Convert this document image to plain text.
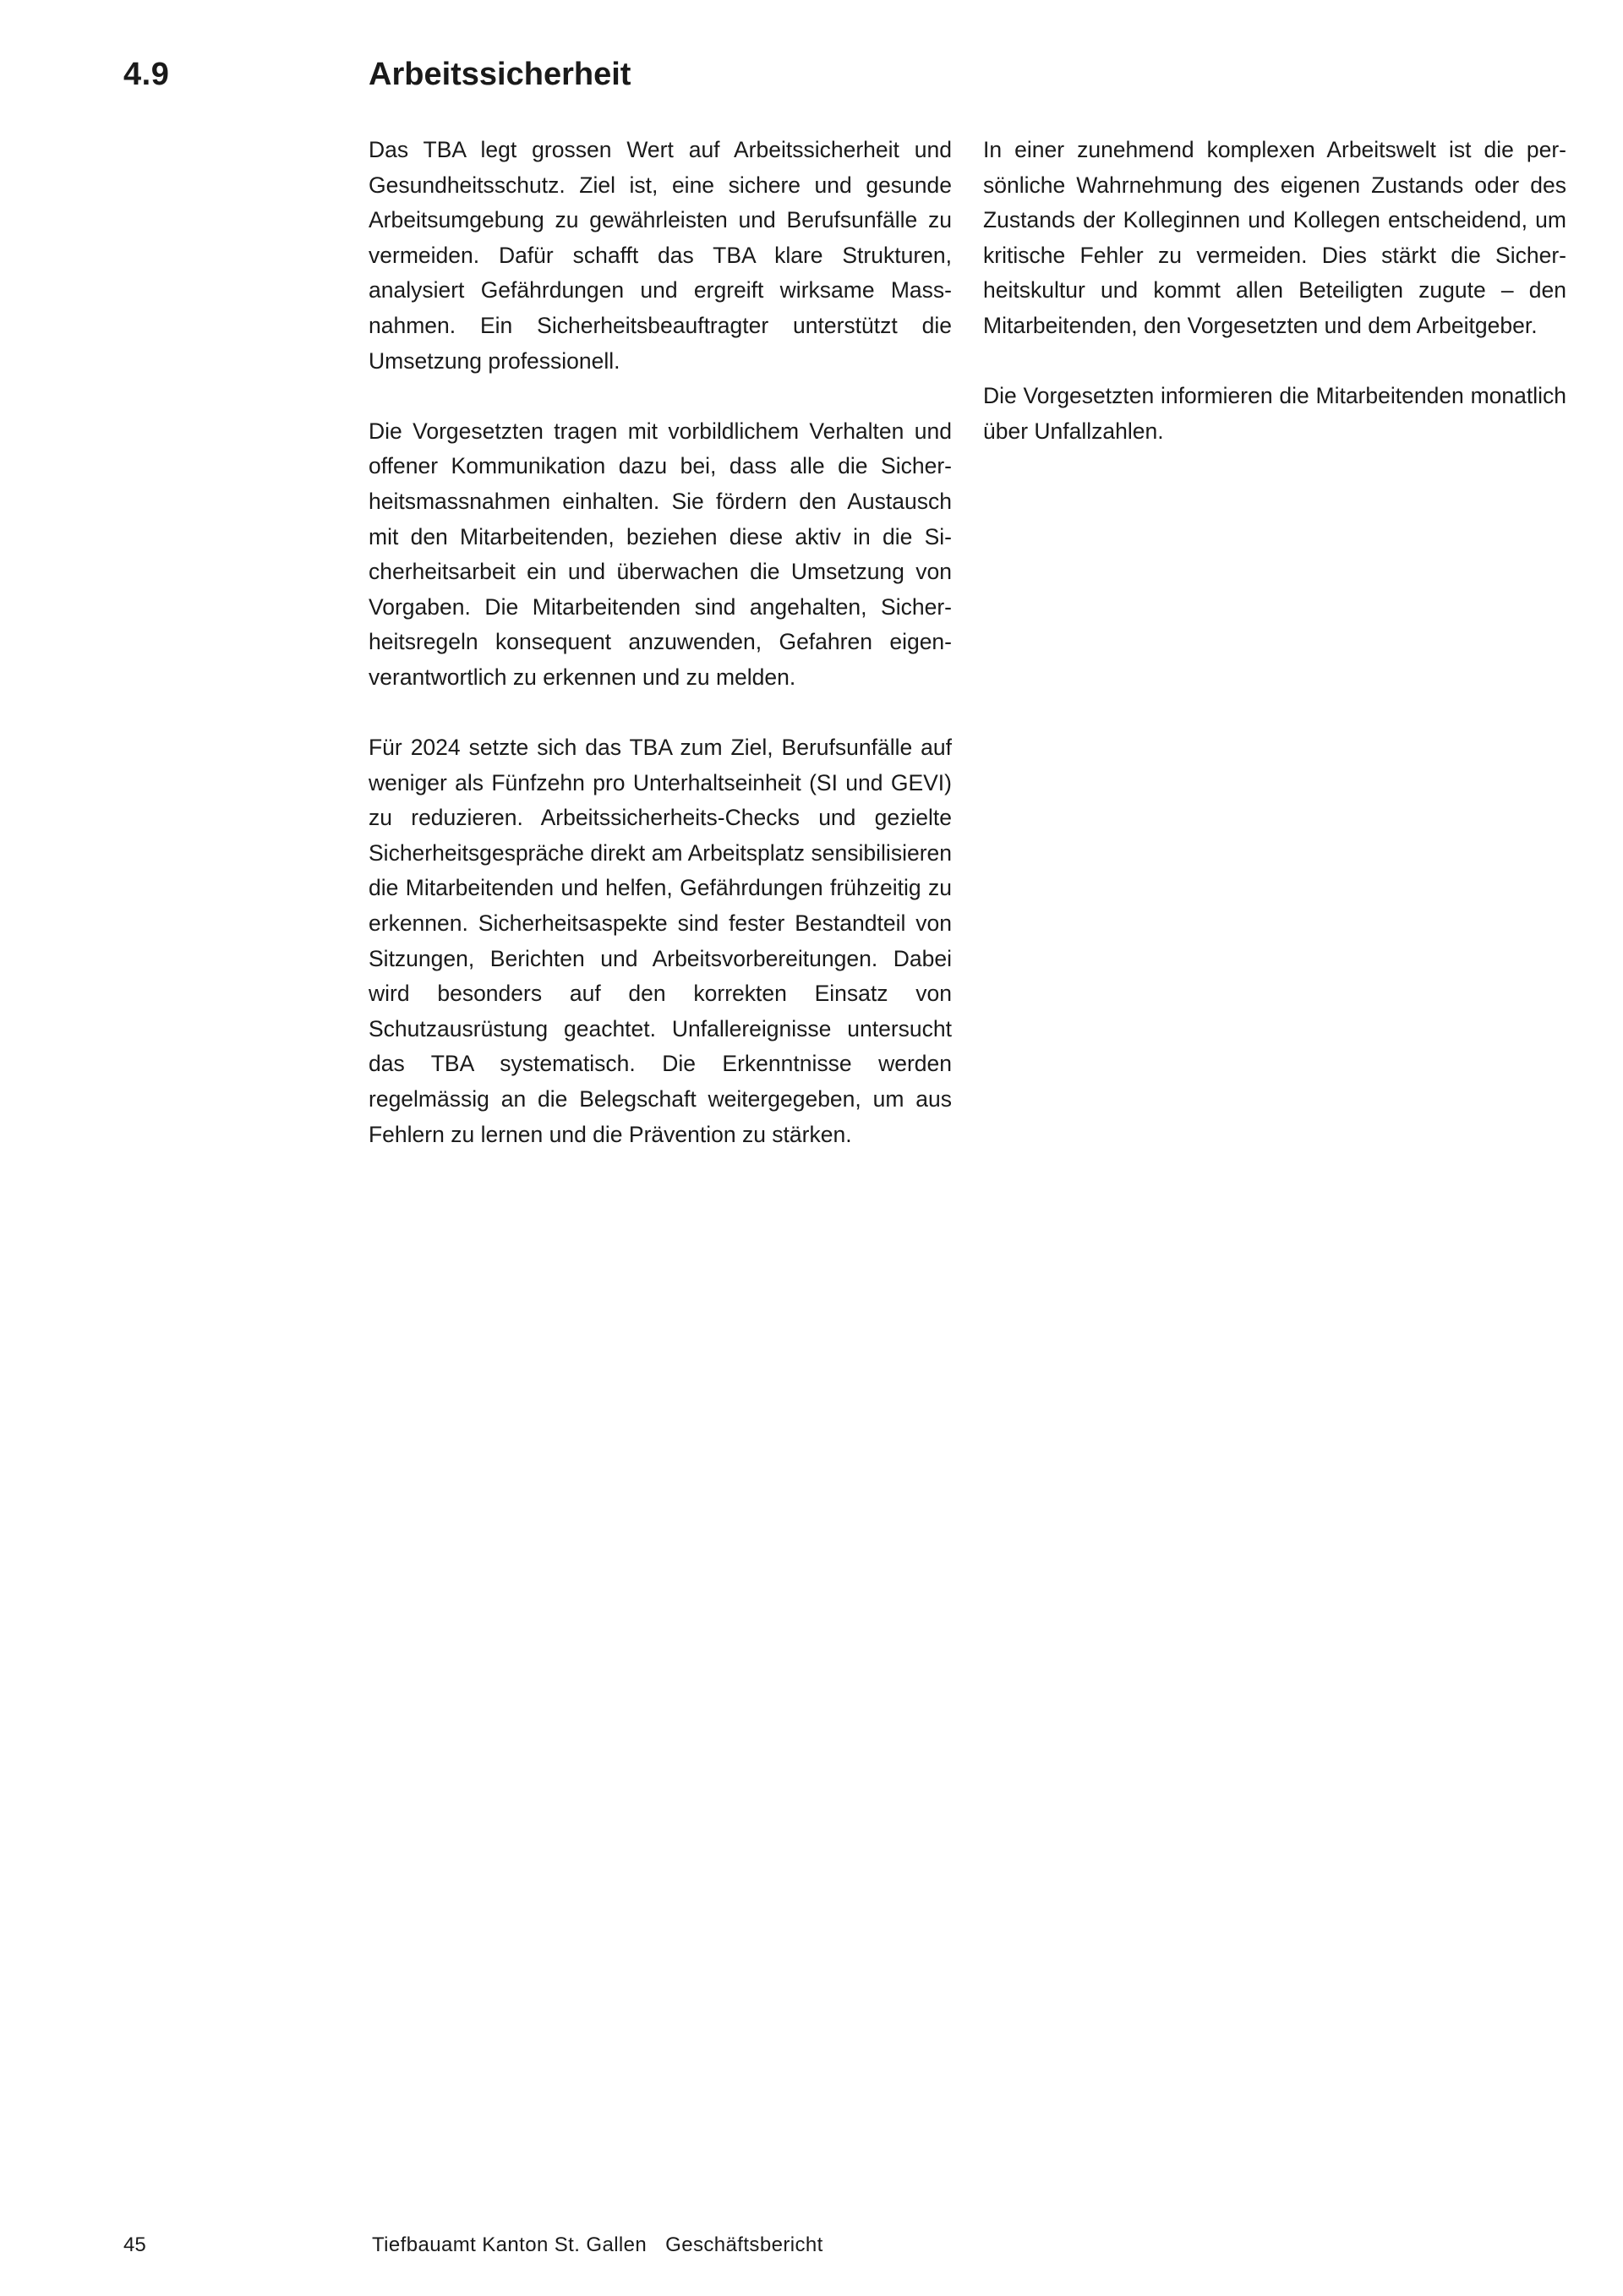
4.9	Arbeitssicherheit

Das TBA legt grossen Wert auf Arbeitssicherheit und Gesundheitsschutz. Ziel ist, eine sichere und gesunde Arbeitsumgebung zu gewährleisten und Berufsunfälle zu vermeiden. Dafür schafft das TBA klare Strukturen, analysiert Gefährdungen und ergreift wirksame Massnahmen. Ein Sicherheitsbeauftragter unterstützt die Umsetzung professionell.

Die Vorgesetzten tragen mit vorbildlichem Verhalten und offener Kommunikation dazu bei, dass alle die Sicherheitsmassnahmen einhalten. Sie fördern den Austausch mit den Mitarbeitenden, beziehen diese aktiv in die Sicherheitsarbeit ein und überwachen die Umsetzung von Vorgaben. Die Mitarbeitenden sind angehalten, Sicherheitsregeln konsequent anzuwenden, Gefahren eigenverantwortlich zu erkennen und zu melden.

Für 2024 setzte sich das TBA zum Ziel, Berufsunfälle auf weniger als Fünfzehn pro Unterhaltseinheit (SI und GEVI) zu reduzieren. Arbeitssicherheits-Checks und gezielte Sicherheitsgespräche direkt am Arbeitsplatz sensibilisieren die Mitarbeitenden und helfen, Gefährdungen frühzeitig zu erkennen. Sicherheitsaspekte sind fester Bestandteil von Sitzungen, Berichten und Arbeitsvorbereitungen. Dabei wird besonders auf den korrekten Einsatz von Schutzausrüstung geachtet. Unfallereignisse untersucht das TBA systematisch. Die Erkenntnisse werden regelmässig an die Belegschaft weitergegeben, um aus Fehlern zu lernen und die Prävention zu stärken.

In einer zunehmend komplexen Arbeitswelt ist die persönliche Wahrnehmung des eigenen Zustands oder des Zustands der Kolleginnen und Kollegen entscheidend, um kritische Fehler zu vermeiden. Dies stärkt die Sicherheitskultur und kommt allen Beteiligten zugute – den Mitarbeitenden, den Vorgesetzten und dem Arbeitgeber.

Die Vorgesetzten informieren die Mitarbeitenden monatlich über Unfallzahlen.

45	Tiefbauamt Kanton St. Gallen Geschäftsbericht
